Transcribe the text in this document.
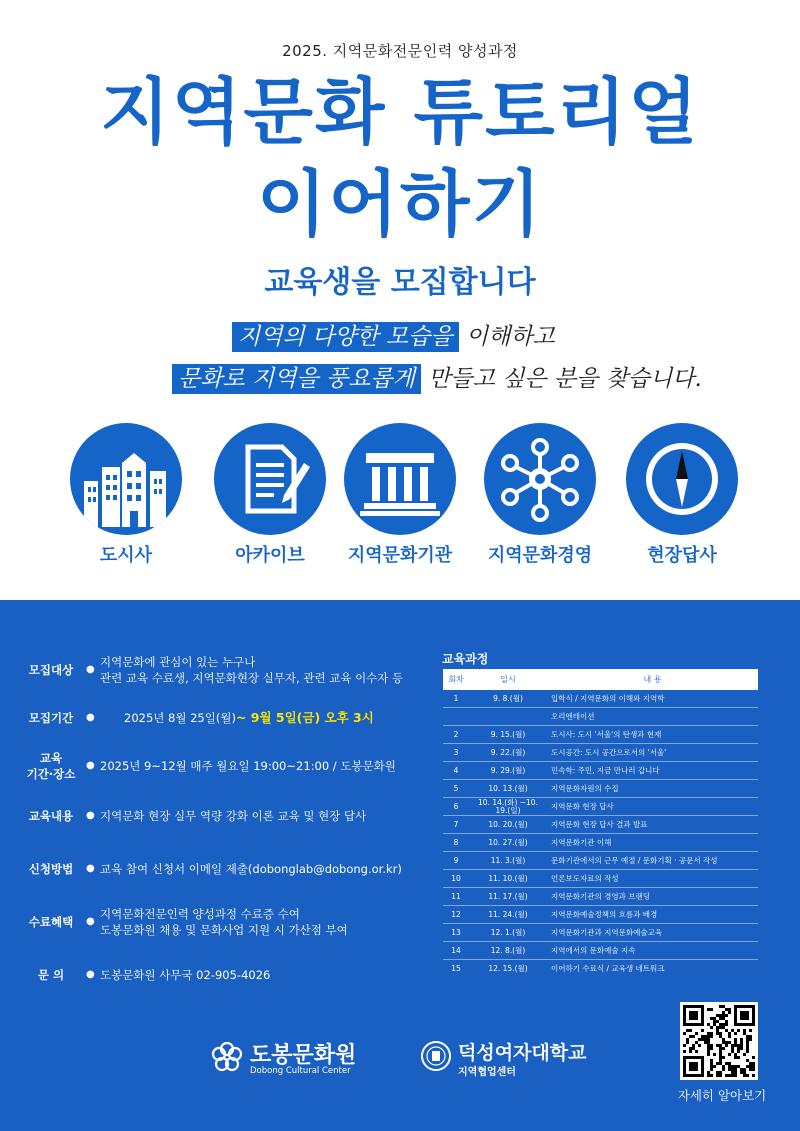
2025. 지역문화전문인력 양성과정
지역문화 튜토리얼
이어하기
교육생을 모집합니다
지역의 다양한 모습을 이해하고
문화로 지역을 풍요롭게 만들고 싶은 분을 찾습니다.
도시사	아카이브	지역문화기관	지역문화경영	현장답사
모집대상	●
지역문화에 관심이 있는 누구나
관련 교육 수료생, 지역문화현장 실무자, 관련 교육 이수자 등
모집기간	●	2025년 8월 25일(월)~ 9월 5일(금) 오후 3시
교육
기간·장소
● 2025년 9~12월 매주 월요일 19:00~21:00 / 도봉문화원
교육내용	● 지역문화 현장 실무 역량 강화 이론 교육 및 현장 답사
신청방법	● 교육 참여 신청서 이메일 제출(dobonglab@dobong.or.kr)
수료혜택	●
지역문화전문인력 양성과정 수료증 수여
도봉문화원 채용 및 문화사업 지원 시 가산점 부여
문 의	● 도봉문화원 사무국 02-905-4026
교육과정
회차	일시	내 용
1	9. 8.(월)	입학식 / 지역문화의 이해와 지역학
		오리엔테이션
2	9. 15.(월)	도시사: 도시 '서울'의 탄생과 현재
3	9. 22.(월)	도시공간: 도시 공간으로서의 '서울'
4	9. 29.(월)	민속학: 주민, 지금 만나러 갑니다
5	10. 13.(월)	지역문화자원의 수집
6	10. 14.(화) ~10. 19.(일)	지역문화 현장 답사
7	10. 20.(월)	지역문화 현장 답사 결과 발표
8	10. 27.(월)	지역문화기관 이해
9	11. 3.(월)	문화기관에서의 근무 예절 / 문화기획 · 공문서 작성
10	11. 10.(월)	언론보도자료의 작성
11	11. 17.(월)	지역문화기관의 경영과 브랜딩
12	11. 24.(월)	지역문화예술정책의 흐름과 배경
13	12. 1.(월)	지역문화기관과 지역문화예술교육
14	12. 8.(월)	지역에서의 문화예술 지속
15	12. 15.(월)	이어하기 수료식 / 교육생 네트워크
도봉문화원
Dobong Cultural Center
덕성여자대학교
지역협업센터
자세히 알아보기
